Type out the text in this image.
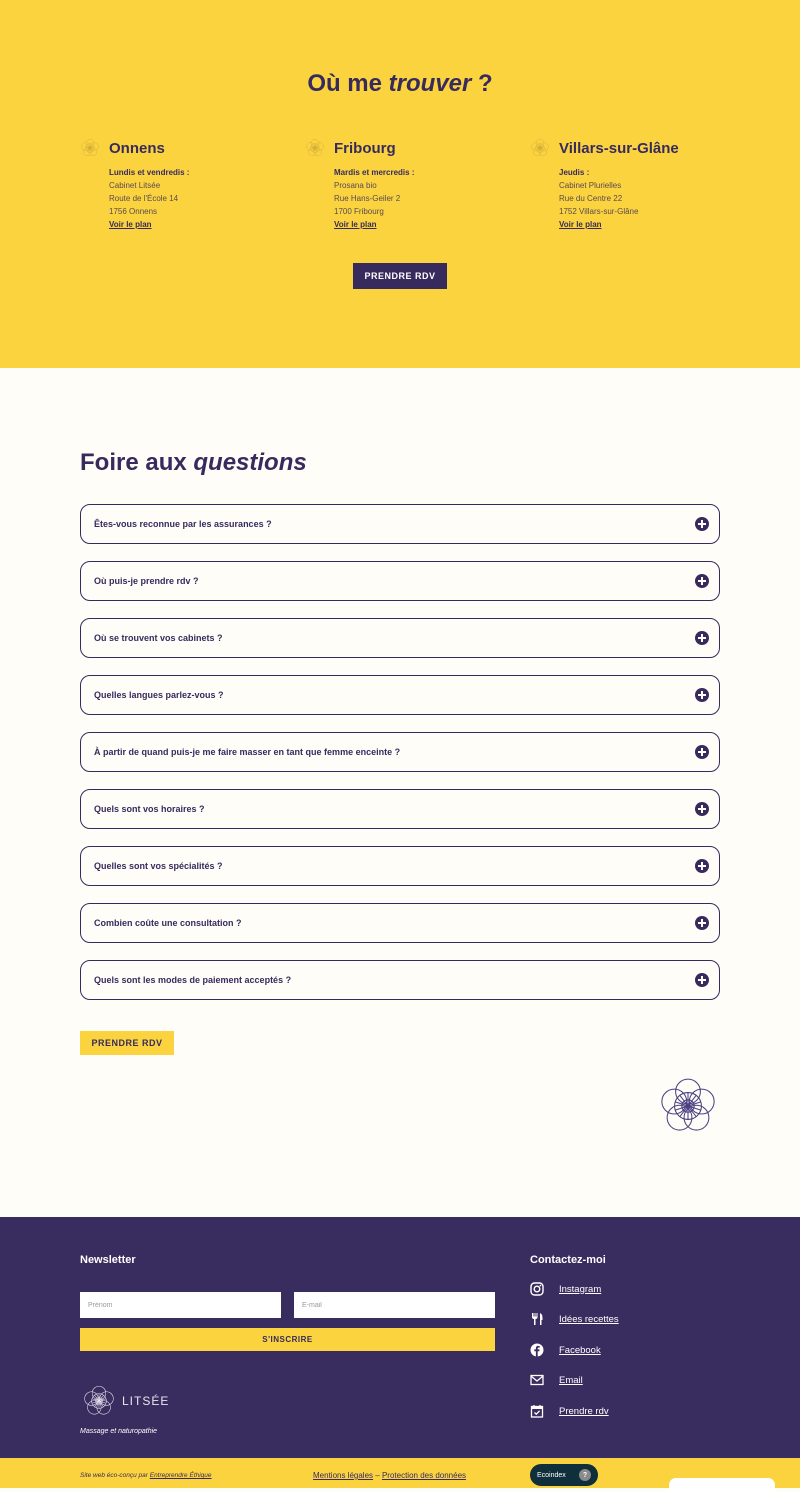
Où me trouver ?
Onnens
Lundis et vendredis :
Cabinet Litsée
Route de l'École 14
1756 Onnens
Voir le plan
Fribourg
Mardis et mercredis :
Prosana bio
Rue Hans-Geiler 2
1700 Fribourg
Voir le plan
Villars-sur-Glâne
Jeudis :
Cabinet Plurielles
Rue du Centre 22
1752 Villars-sur-Glâne
Voir le plan
PRENDRE RDV
Foire aux questions
Êtes-vous reconnue par les assurances ?
Où puis-je prendre rdv ?
Où se trouvent vos cabinets ?
Quelles langues parlez-vous ?
À partir de quand puis-je me faire masser en tant que femme enceinte ?
Quels sont vos horaires ?
Quelles sont vos spécialités ?
Combien coûte une consultation ?
Quels sont les modes de paiement acceptés ?
PRENDRE RDV
Newsletter
Prénom
E-mail
S'INSCRIRE
LITSÉE
Massage et naturopathie
Contactez-moi
Instagram
Idées recettes
Facebook
Email
Prendre rdv
Site web éco-conçu par Entreprendre Éthique	Mentions légales – Protection des données	Ecoindex	?
